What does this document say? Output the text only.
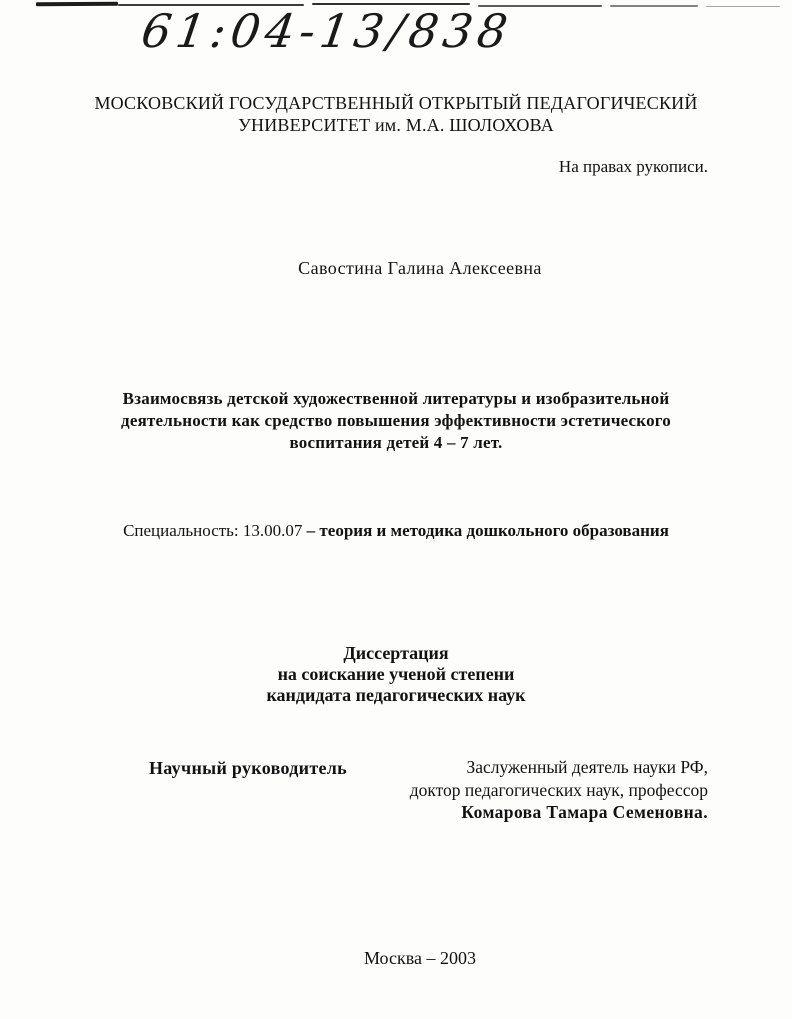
61:04-13/838
МОСКОВСКИЙ ГОСУДАРСТВЕННЫЙ ОТКРЫТЫЙ ПЕДАГОГИЧЕСКИЙ
УНИВЕРСИТЕТ им. М.А. ШОЛОХОВА
На правах рукописи.
Савостина Галина Алексеевна
Взаимосвязь детской художественной литературы и изобразительной
деятельности как средство повышения эффективности эстетического
воспитания детей 4 – 7 лет.
Специальность: 13.00.07 – теория и методика дошкольного образования
Диссертация
на соискание ученой степени
кандидата педагогических наук
Научный руководитель	Заслуженный деятель науки РФ,
доктор педагогических наук, профессор
Комарова Тамара Семеновна.
Москва – 2003
